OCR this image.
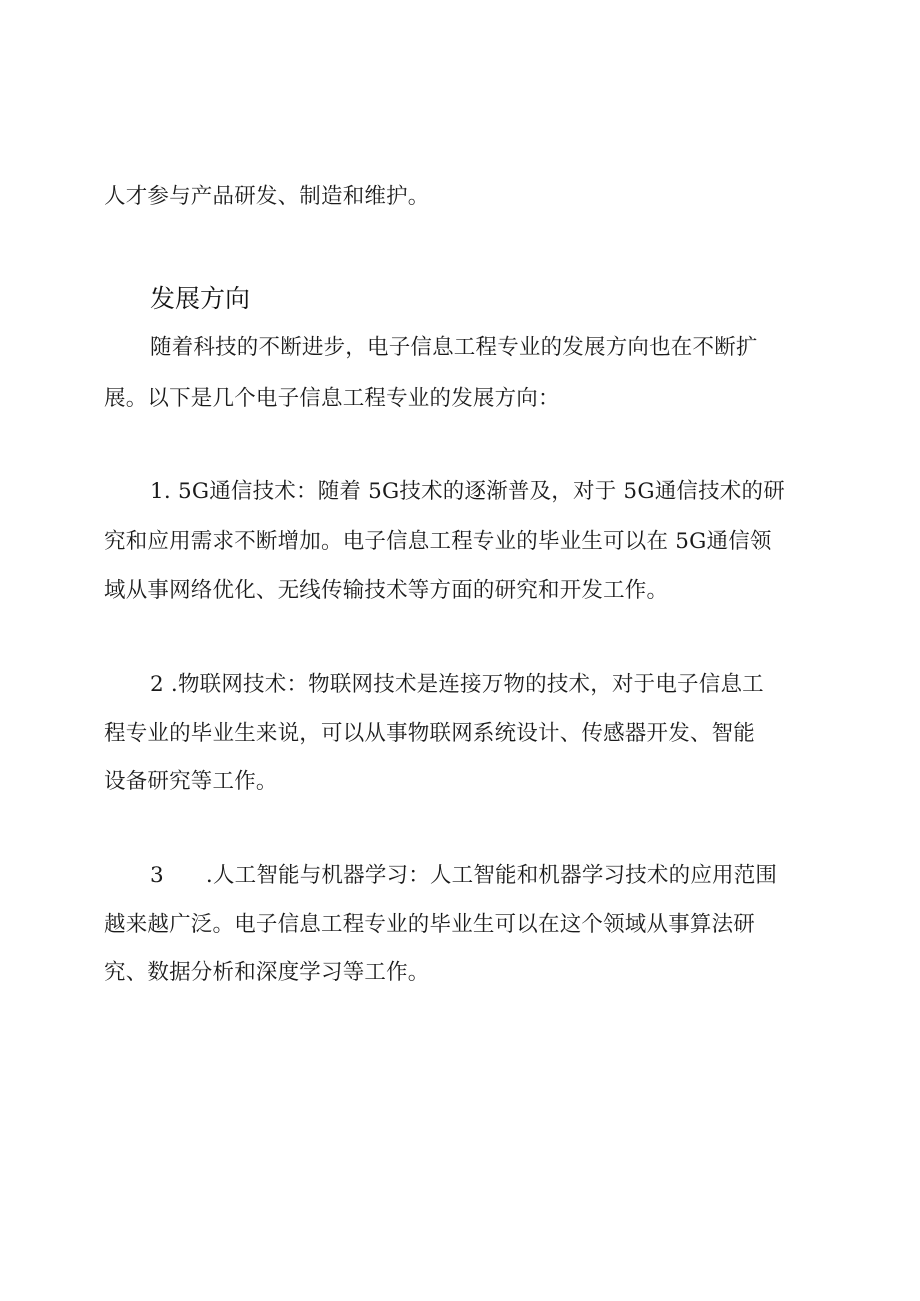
人才参与产品研发、制造和维护。
发展方向
随着科技的不断进步，电子信息工程专业的发展方向也在不断扩
展。以下是几个电子信息工程专业的发展方向：
1. 5G通信技术：随着 5G技术的逐渐普及，对于 5G通信技术的研
究和应用需求不断增加。电子信息工程专业的毕业生可以在 5G通信领
域从事网络优化、无线传输技术等方面的研究和开发工作。
2 .物联网技术：物联网技术是连接万物的技术，对于电子信息工
程专业的毕业生来说，可以从事物联网系统设计、传感器开发、智能
设备研究等工作。
3 .人工智能与机器学习：人工智能和机器学习技术的应用范围
越来越广泛。电子信息工程专业的毕业生可以在这个领域从事算法研
究、数据分析和深度学习等工作。
